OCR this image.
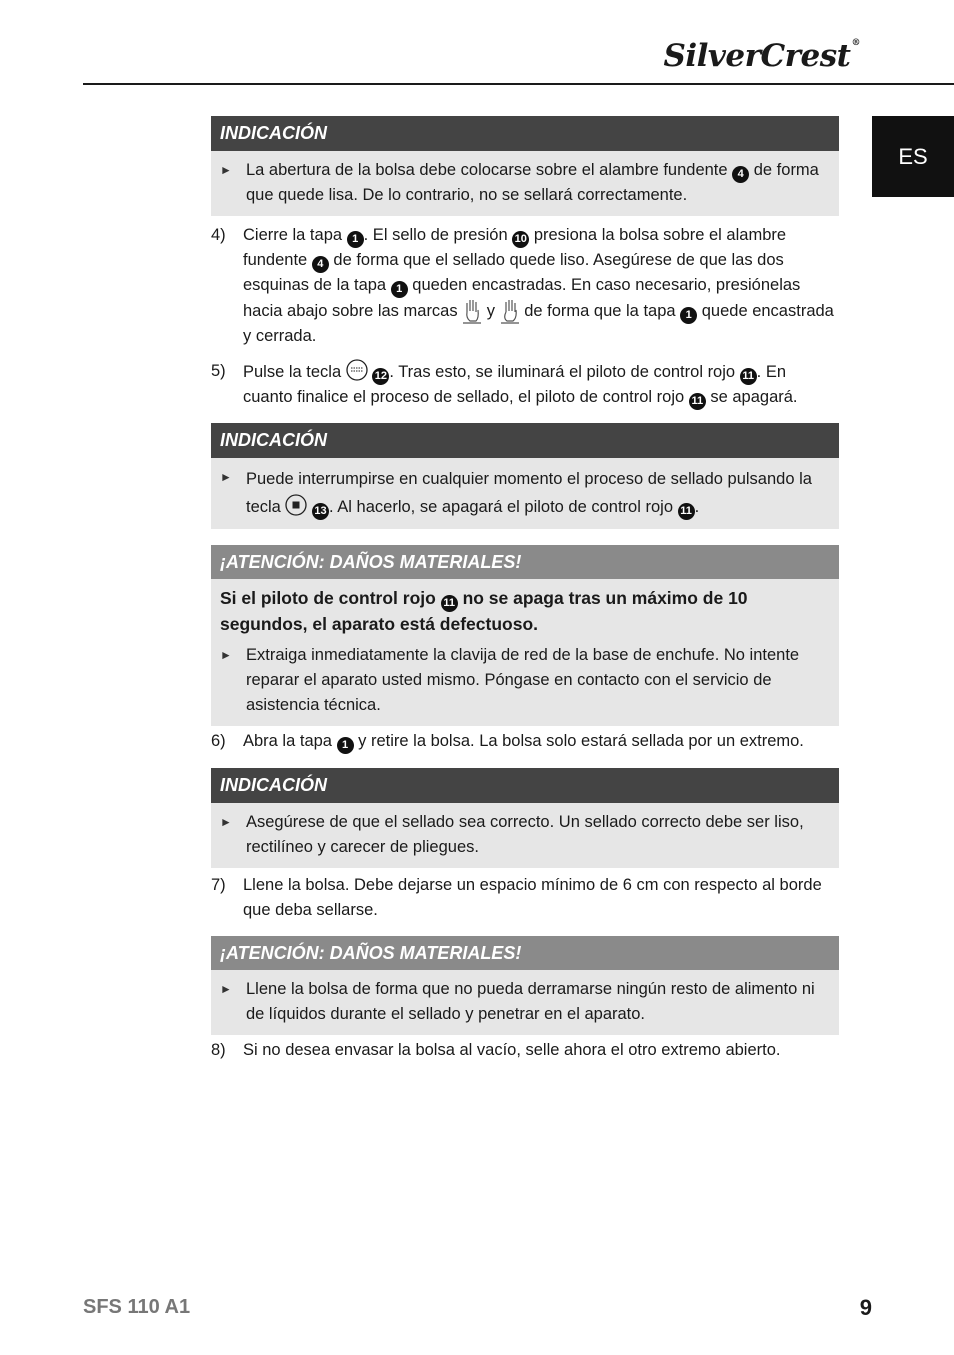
SilverCrest®
ES
INDICACIÓN
► La abertura de la bolsa debe colocarse sobre el alambre fundente 4 de forma que quede lisa. De lo contrario, no se sellará correctamente.
4)	Cierre la tapa 1 . El sello de presión 10 presiona la bolsa sobre el alambre fundente 4 de forma que el sellado quede liso. Asegúrese de que las dos esquinas de la tapa 1 queden encastradas. En caso necesario, presiónelas hacia abajo sobre las marcas  y  de forma que la tapa 1 quede encastrada y cerrada.
5)	Pulse la tecla	12 . Tras esto, se iluminará el piloto de control rojo 11 . En cuanto finalice el proceso de sellado, el piloto de control rojo 11 se apagará.
INDICACIÓN
► Puede interrumpirse en cualquier momento el proceso de sellado pulsando la tecla	13 . Al hacerlo, se apagará el piloto de control rojo 11 .
¡ATENCIÓN: DAÑOS MATERIALES!
Si el piloto de control rojo 11 no se apaga tras un máximo de 10 segundos, el aparato está defectuoso.
► Extraiga inmediatamente la clavija de red de la base de enchufe. No intente reparar el aparato usted mismo. Póngase en contacto con el servicio de asistencia técnica.
6)	Abra la tapa 1 y retire la bolsa. La bolsa solo estará sellada por un extremo.
INDICACIÓN
► Asegúrese de que el sellado sea correcto. Un sellado correcto debe ser liso, rectilíneo y carecer de pliegues.
7)	Llene la bolsa. Debe dejarse un espacio mínimo de 6 cm con respecto al borde que deba sellarse.
¡ATENCIÓN: DAÑOS MATERIALES!
► Llene la bolsa de forma que no pueda derramarse ningún resto de alimento ni de líquidos durante el sellado y penetrar en el aparato.
8)	Si no desea envasar la bolsa al vacío, selle ahora el otro extremo abierto.
SFS 110 A1	9
